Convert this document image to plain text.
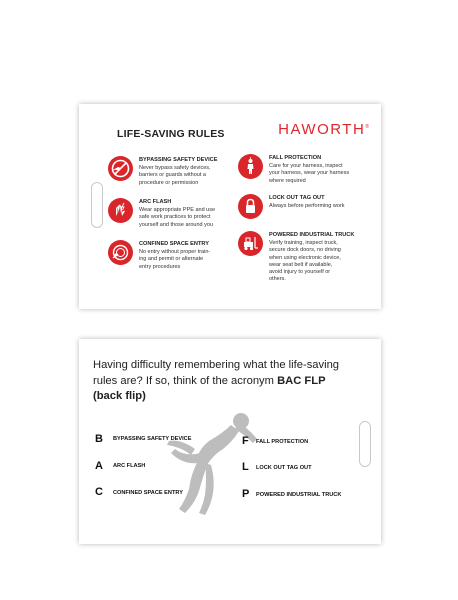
LIFE-SAVING RULES	HAWORTH®
BYPASSING SAFETY DEVICE
Never bypass safety devices,
barriers or guards without a
procedure or permission
ARC FLASH
Wear appropriate PPE and use
safe work practices to protect
yourself and those around you
CONFINED SPACE ENTRY
No entry without proper train-
ing and permit or alternate
entry procedures
FALL PROTECTION
Care for your harness, inspect
your harness, wear your harness
where required
LOCK OUT TAG OUT
Always before performing work
POWERED INDUSTRIAL TRUCK
Verify training, inspect truck,
secure dock doors, no driving
when using electronic device,
wear seat belt if available,
avoid injury to yourself or
others.
Having difficulty remembering what the life-saving
rules are? If so, think of the acronym BAC FLP
(back flip)
B BYPASSING SAFETY DEVICE
A ARC FLASH
C CONFINED SPACE ENTRY
F FALL PROTECTION
L LOCK OUT TAG OUT
P POWERED INDUSTRIAL TRUCK
